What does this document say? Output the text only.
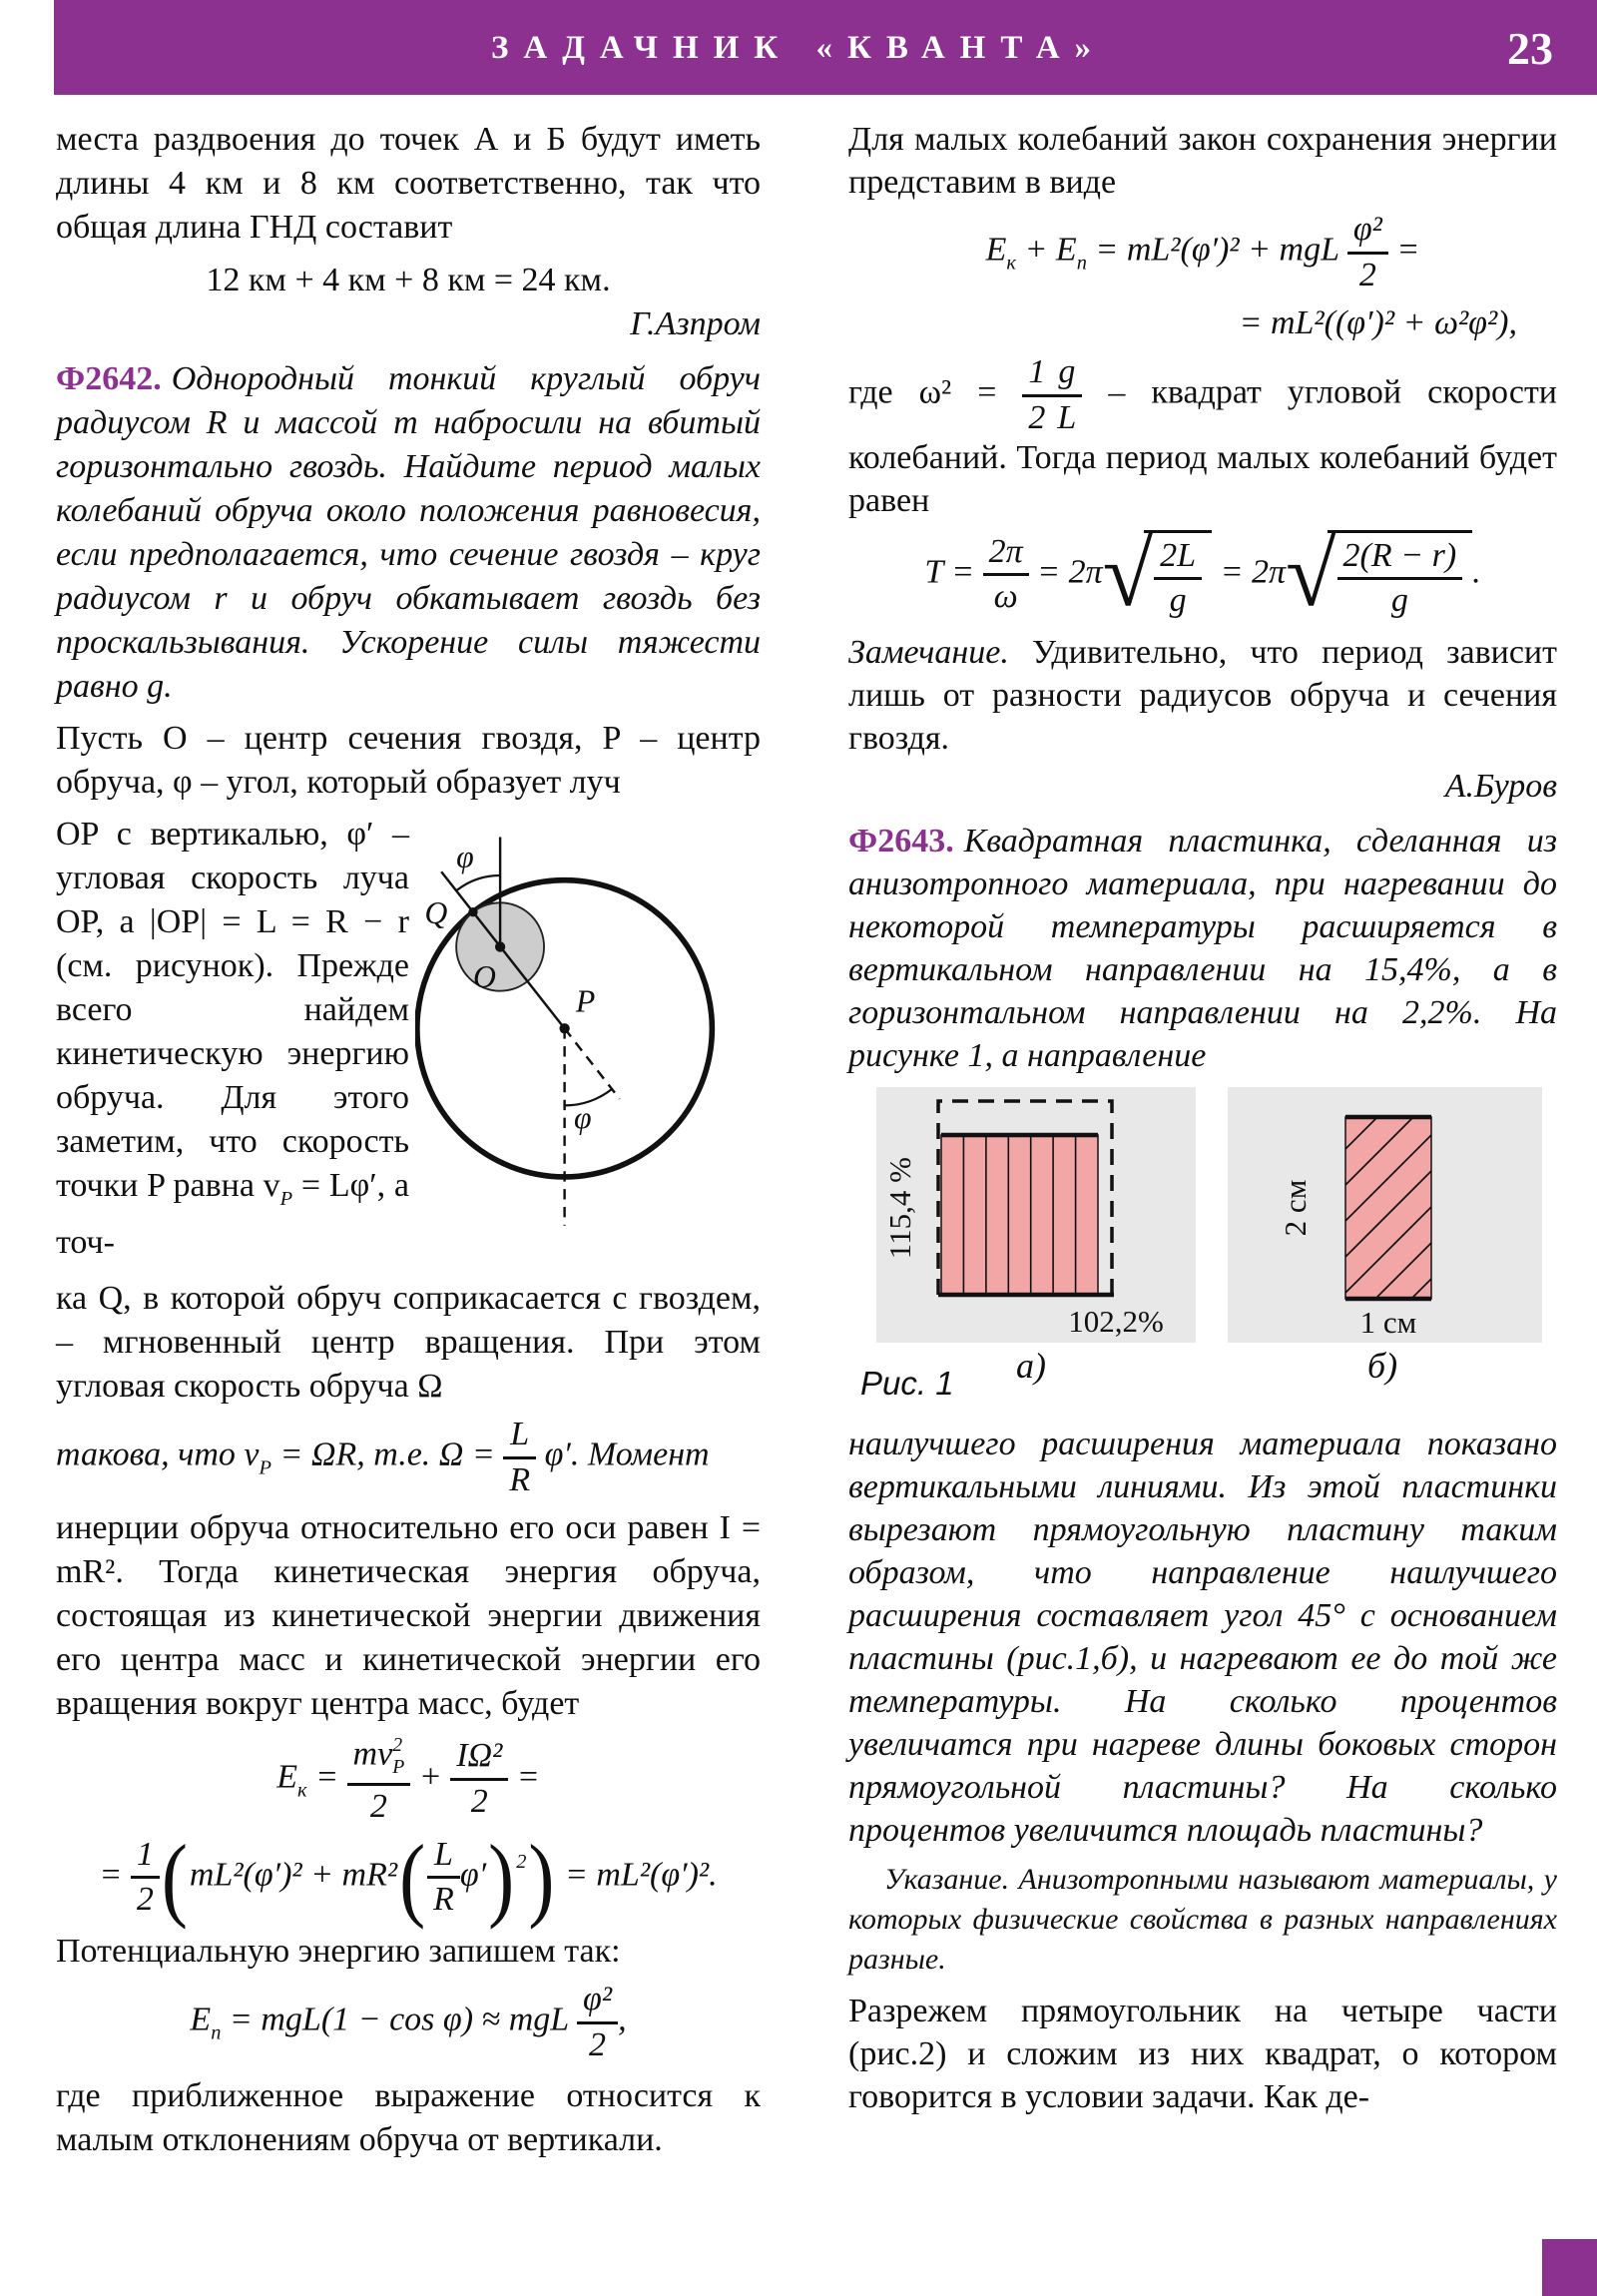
ЗАДАЧНИК «КВАНТА»	23

места раздвоения до точек А и Б будут иметь длины 4 км и 8 км соответственно, так что общая длина ГНД составит

12 км + 4 км + 8 км = 24 км.
Г.Азпром

Ф2642. Однородный тонкий круглый обруч радиусом R и массой m набросили на вбитый горизонтально гвоздь. Найдите период малых колебаний обруча около положения равновесия, если предполагается, что сечение гвоздя – круг радиусом r и обруч обкатывает гвоздь без проскальзывания. Ускорение силы тяжести равно g.

Пусть O – центр сечения гвоздя, P – центр обруча, φ – угол, который образует луч

OP с вертикалью, φ′ – угловая скорость луча OP, а |OP| = L = R − r (см. рисунок). Прежде всего найдем кинетическую энергию обруча. Для этого заметим, что скорость точки P равна $v_P = L\varphi'$, а точ-

φ
Q
O
P
φ

ка Q, в которой обруч соприкасается с гвоздем, – мгновенный центр вращения. При этом угловая скорость обруча Ω

такова, что $v_P = \Omega R$, т.е. $\Omega = \frac{L}{R} \varphi'$. Момент

инерции обруча относительно его оси равен I = mR². Тогда кинетическая энергия обруча, состоящая из кинетической энергии движения его центра масс и кинетической энергии его вращения вокруг центра масс, будет

$E_к$ = mv 2
P
$2 + \frac{\text{IΩ²}}{2}$ =
= $\frac{1}{2} (mL^2(\varphi')^2 + mR^2( \frac{L}{R} \varphi')^2) = mL^2(\varphi')^2$.

Потенциальную энергию запишем так:

$E_п = mgL(1 - \cos \varphi)$ ≈ mgL $\frac{\text{φ²}}{2}$ ,

где приближенное выражение относится к малым отклонениям обруча от вертикали.

Для малых колебаний закон сохранения энергии представим в виде

$E_к + E_п = mL^2(\varphi')^2$ + mgL $\frac{\text{φ²}}{2}$ =
= mL²((φ′)² + ω²φ²),

где $\omega^2 = \frac{1}{2} \frac{g}{L}$ – квадрат угловой скорости колебаний. Тогда период малых колебаний будет равен

$T = \frac{2\pi}{\omega} = 2\pi$ √ $\frac{2L}{g} = 2\pi$ √ $\frac{2(R - r)}{g}$ .

Замечание. Удивительно, что период зависит лишь от разности радиусов обруча и сечения гвоздя.

А.Буров

Ф2643. Квадратная пластинка, сделанная из анизотропного материала, при нагревании до некоторой температуры расширяется в вертикальном направлении на 15,4%, а в горизонтальном направлении на 2,2%. На рисунке 1, а направление

115,4 %
102,2%
2 см
1 см
а)	б)
Рис. 1

наилучшего расширения материала показано вертикальными линиями. Из этой пластинки вырезают прямоугольную пластину таким образом, что направление наилучшего расширения составляет угол 45° с основанием пластины (рис.1,б), и нагревают ее до той же температуры. На сколько процентов увеличатся при нагреве длины боковых сторон прямоугольной пластины? На сколько процентов увеличится площадь пластины?

Указание. Анизотропными называют материалы, у которых физические свойства в разных направлениях разные.

Разрежем прямоугольник на четыре части (рис.2) и сложим из них квадрат, о котором говорится в условии задачи. Как де-
